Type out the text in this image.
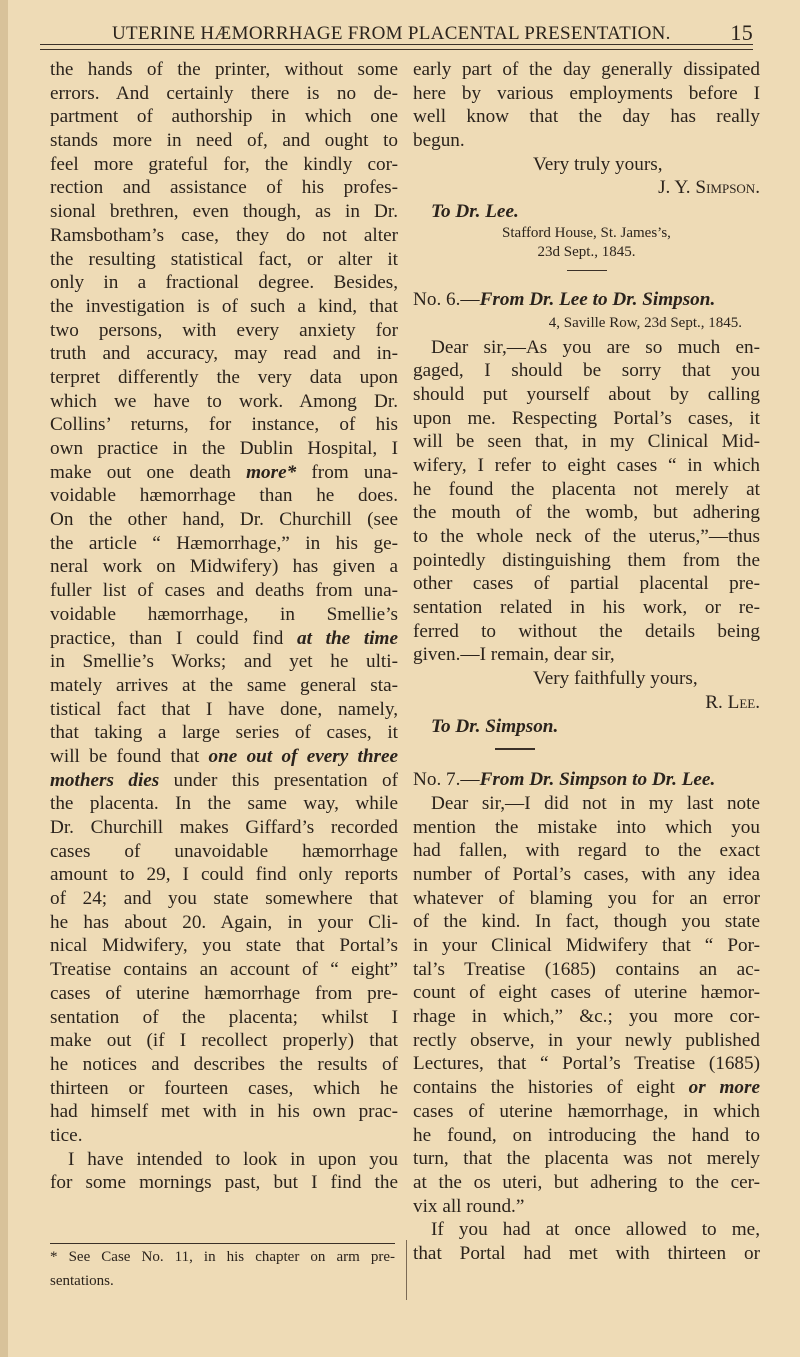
UTERINE HÆMORRHAGE FROM PLACENTAL PRESENTATION.	15
the hands of the printer, without some
errors. And certainly there is no de-
partment of authorship in which one
stands more in need of, and ought to
feel more grateful for, the kindly cor-
rection and assistance of his profes-
sional brethren, even though, as in Dr.
Ramsbotham’s case, they do not alter
the resulting statistical fact, or alter it
only in a fractional degree. Besides,
the investigation is of such a kind, that
two persons, with every anxiety for
truth and accuracy, may read and in-
terpret differently the very data upon
which we have to work. Among Dr.
Collins’ returns, for instance, of his
own practice in the Dublin Hospital, I
make out one death more* from una-
voidable hæmorrhage than he does.
On the other hand, Dr. Churchill (see
the article “ Hæmorrhage,” in his ge-
neral work on Midwifery) has given a
fuller list of cases and deaths from una-
voidable hæmorrhage, in Smellie’s
practice, than I could find at the time
in Smellie’s Works; and yet he ulti-
mately arrives at the same general sta-
tistical fact that I have done, namely,
that taking a large series of cases, it
will be found that one out of every three
mothers dies under this presentation of
the placenta. In the same way, while
Dr. Churchill makes Giffard’s recorded
cases of unavoidable hæmorrhage
amount to 29, I could find only reports
of 24; and you state somewhere that
he has about 20. Again, in your Cli-
nical Midwifery, you state that Portal’s
Treatise contains an account of “ eight”
cases of uterine hæmorrhage from pre-
sentation of the placenta; whilst I
make out (if I recollect properly) that
he notices and describes the results of
thirteen or fourteen cases, which he
had himself met with in his own prac-
tice.
I have intended to look in upon you
for some mornings past, but I find the
early part of the day generally dissipated
here by various employments before I
well know that the day has really
begun.
Very truly yours,
J. Y. Simpson.
To Dr. Lee.
Stafford House, St. James’s,
23d Sept., 1845.
No. 6.—From Dr. Lee to Dr. Simpson.
4, Saville Row, 23d Sept., 1845.
Dear sir,—As you are so much en-
gaged, I should be sorry that you
should put yourself about by calling
upon me. Respecting Portal’s cases, it
will be seen that, in my Clinical Mid-
wifery, I refer to eight cases “ in which
he found the placenta not merely at
the mouth of the womb, but adhering
to the whole neck of the uterus,”—thus
pointedly distinguishing them from the
other cases of partial placental pre-
sentation related in his work, or re-
ferred to without the details being
given.—I remain, dear sir,
Very faithfully yours,
R. Lee.
To Dr. Simpson.
No. 7.—From Dr. Simpson to Dr. Lee.
Dear sir,—I did not in my last note
mention the mistake into which you
had fallen, with regard to the exact
number of Portal’s cases, with any idea
whatever of blaming you for an error
of the kind. In fact, though you state
in your Clinical Midwifery that “ Por-
tal’s Treatise (1685) contains an ac-
count of eight cases of uterine hæmor-
rhage in which,” &c.; you more cor-
rectly observe, in your newly published
Lectures, that “ Portal’s Treatise (1685)
contains the histories of eight or more
cases of uterine hæmorrhage, in which
he found, on introducing the hand to
turn, that the placenta was not merely
at the os uteri, but adhering to the cer-
vix all round.”
If you had at once allowed to me,
that Portal had met with thirteen or
* See Case No. 11, in his chapter on arm pre-
sentations.
